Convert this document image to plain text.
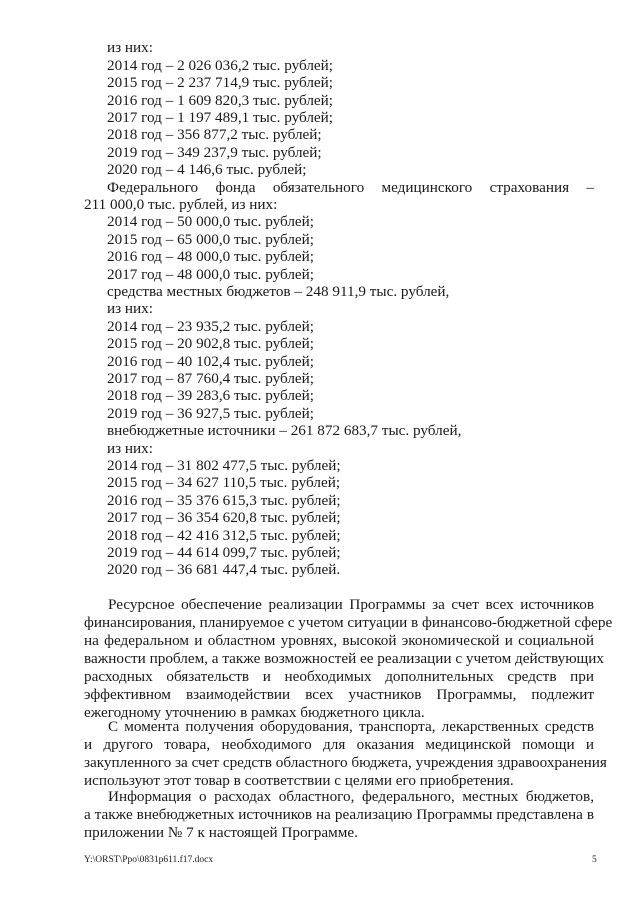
из них:
2014 год – 2 026 036,2 тыс. рублей;
2015 год – 2 237 714,9 тыс. рублей;
2016 год – 1 609 820,3 тыс. рублей;
2017 год – 1 197 489,1 тыс. рублей;
2018 год – 356 877,2 тыс. рублей;
2019 год – 349 237,9 тыс. рублей;
2020 год – 4 146,6 тыс. рублей;
Федерального фонда обязательного медицинского страхования –
211 000,0 тыс. рублей, из них:
2014 год – 50 000,0 тыс. рублей;
2015 год – 65 000,0 тыс. рублей;
2016 год – 48 000,0 тыс. рублей;
2017 год – 48 000,0 тыс. рублей;
средства местных бюджетов – 248 911,9 тыс. рублей,
из них:
2014 год – 23 935,2 тыс. рублей;
2015 год – 20 902,8 тыс. рублей;
2016 год – 40 102,4 тыс. рублей;
2017 год – 87 760,4 тыс. рублей;
2018 год – 39 283,6 тыс. рублей;
2019 год – 36 927,5 тыс. рублей;
внебюджетные источники – 261 872 683,7 тыс. рублей,
из них:
2014 год – 31 802 477,5 тыс. рублей;
2015 год – 34 627 110,5 тыс. рублей;
2016 год – 35 376 615,3 тыс. рублей;
2017 год – 36 354 620,8 тыс. рублей;
2018 год – 42 416 312,5 тыс. рублей;
2019 год – 44 614 099,7 тыс. рублей;
2020 год – 36 681 447,4 тыс. рублей.
Ресурсное обеспечение реализации Программы за счет всех источников
финансирования, планируемое с учетом ситуации в финансово-бюджетной сфере
на федеральном и областном уровнях, высокой экономической и социальной
важности проблем, а также возможностей ее реализации с учетом действующих
расходных обязательств и необходимых дополнительных средств при
эффективном взаимодействии всех участников Программы, подлежит
ежегодному уточнению в рамках бюджетного цикла.
С момента получения оборудования, транспорта, лекарственных средств
и другого товара, необходимого для оказания медицинской помощи и
закупленного за счет средств областного бюджета, учреждения здравоохранения
используют этот товар в соответствии с целями его приобретения.
Информация о расходах областного, федерального, местных бюджетов,
а также внебюджетных источников на реализацию Программы представлена в
приложении № 7 к настоящей Программе.
Y:\ORST\Ppo\0831p611.f17.docx	5
